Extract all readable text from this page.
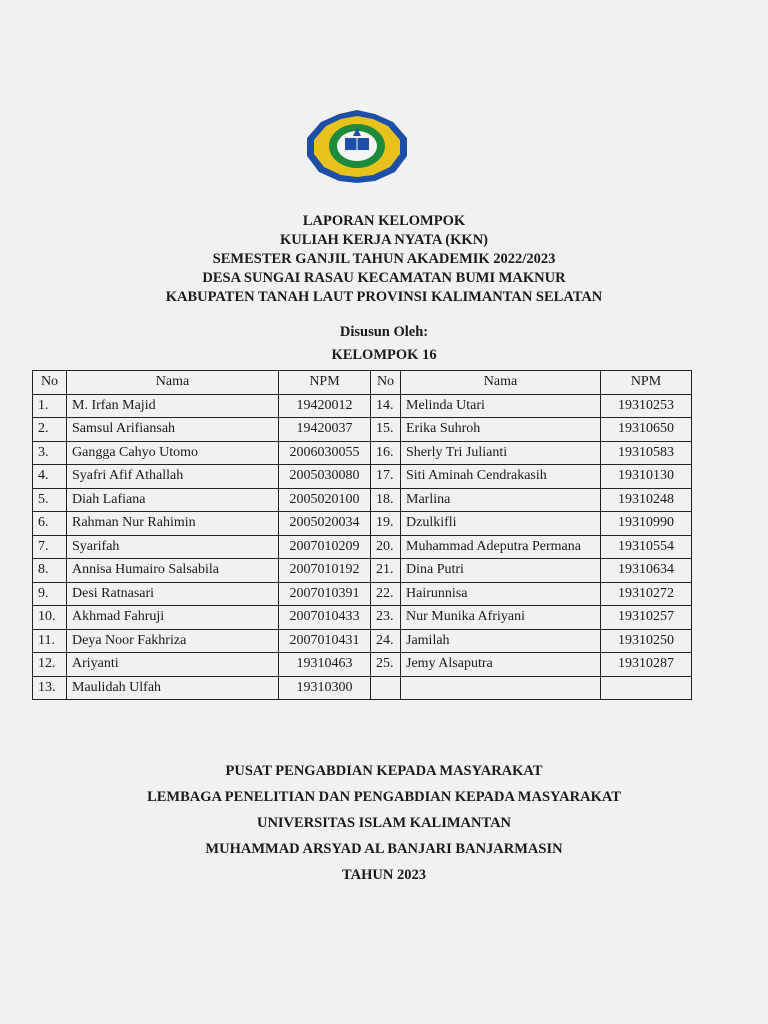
LAPORAN KELOMPOK
KULIAH KERJA NYATA (KKN)
SEMESTER GANJIL TAHUN AKADEMIK 2022/2023
DESA SUNGAI RASAU KECAMATAN BUMI MAKNUR
KABUPATEN TANAH LAUT PROVINSI KALIMANTAN SELATAN
Disusun Oleh:
KELOMPOK 16
No	Nama	NPM	No	Nama	NPM
1.	M. Irfan Majid	19420012	14.	Melinda Utari	19310253
2.	Samsul Arifiansah	19420037	15.	Erika Suhroh	19310650
3.	Gangga Cahyo Utomo	2006030055	16.	Sherly Tri Julianti	19310583
4.	Syafri Afif Athallah	2005030080	17.	Siti Aminah Cendrakasih	19310130
5.	Diah Lafiana	2005020100	18.	Marlina	19310248
6.	Rahman Nur Rahimin	2005020034	19.	Dzulkifli	19310990
7.	Syarifah	2007010209	20.	Muhammad Adeputra Permana	19310554
8.	Annisa Humairo Salsabila	2007010192	21.	Dina Putri	19310634
9.	Desi Ratnasari	2007010391	22.	Hairunnisa	19310272
10.	Akhmad Fahruji	2007010433	23.	Nur Munika Afriyani	19310257
11.	Deya Noor Fakhriza	2007010431	24.	Jamilah	19310250
12.	Ariyanti	19310463	25.	Jemy Alsaputra	19310287
13.	Maulidah Ulfah	19310300			
PUSAT PENGABDIAN KEPADA MASYARAKAT
LEMBAGA PENELITIAN DAN PENGABDIAN KEPADA MASYARAKAT
UNIVERSITAS ISLAM KALIMANTAN
MUHAMMAD ARSYAD AL BANJARI BANJARMASIN
TAHUN 2023
